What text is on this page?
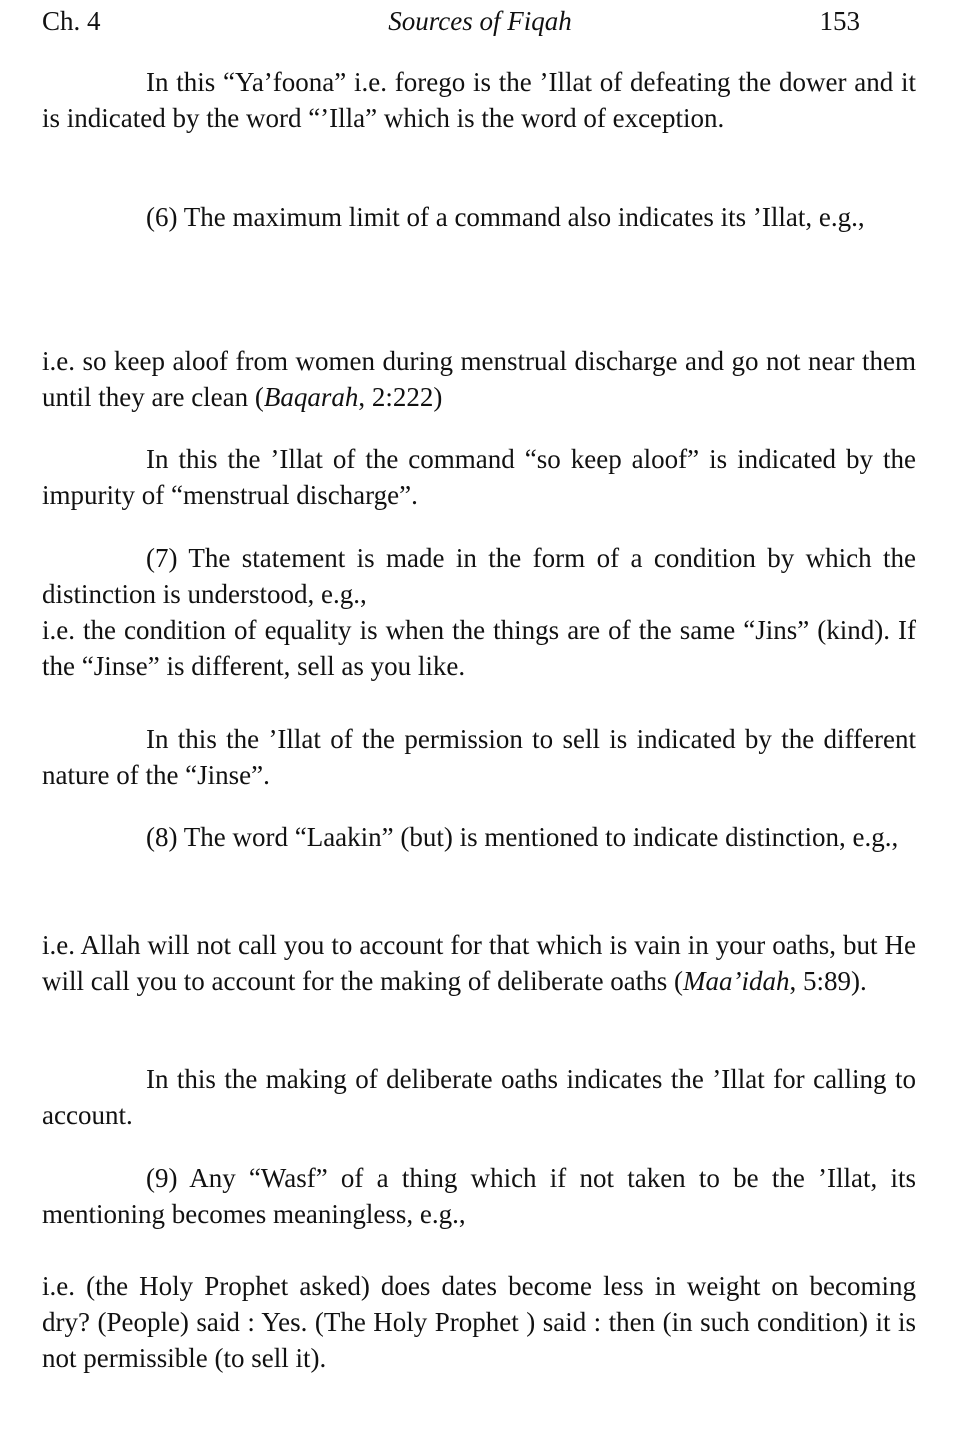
Ch. 4	Sources of Fiqah	153

In this “Ya’foona” i.e. forego is the ’Illat of defeating the dower and it is indicated by the word “’Illa” which is the word of exception.

(6) The maximum limit of a command also indicates its ’Illat, e.g.,

i.e. so keep aloof from women during menstrual discharge and go not near them until they are clean (Baqarah, 2:222)

In this the ’Illat of the command “so keep aloof” is indicated by the impurity of “menstrual discharge”.

(7) The statement is made in the form of a condition by which the distinction is understood, e.g.,

i.e. the condition of equality is when the things are of the same “Jins” (kind). If the “Jinse” is different, sell as you like.

In this the ’Illat of the permission to sell is indicated by the different nature of the “Jinse”.

(8) The word “Laakin” (but) is mentioned to indicate distinction, e.g.,

i.e. Allah will not call you to account for that which is vain in your oaths, but He will call you to account for the making of deliberate oaths (Maa’idah, 5:89).

In this the making of deliberate oaths indicates the ’Illat for calling to account.

(9) Any “Wasf” of a thing which if not taken to be the ’Illat, its mentioning becomes meaningless, e.g.,

i.e. (the Holy Prophet asked) does dates become less in weight on becoming dry? (People) said : Yes. (The Holy Prophet ) said : then (in such condition) it is not permissible (to sell it).
